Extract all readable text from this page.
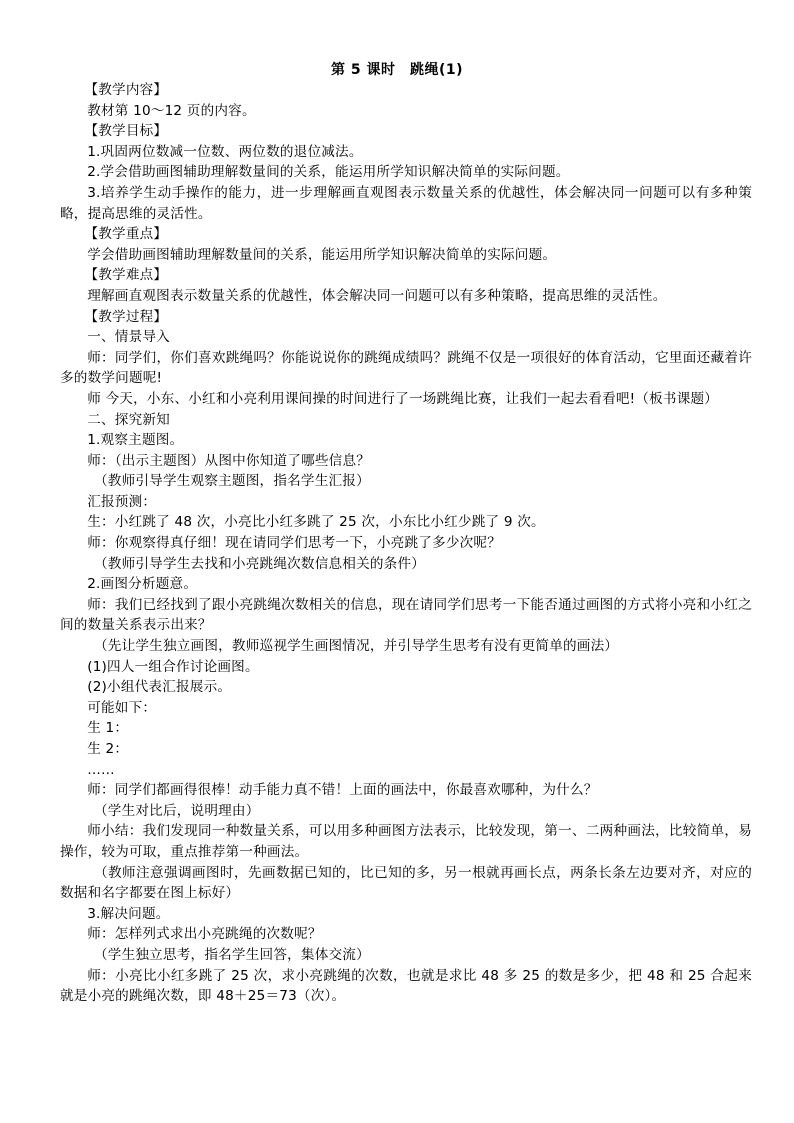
第 5 课时　跳绳(1)

【教学内容】

教材第 10～12 页的内容。

【教学目标】

1.巩固两位数减一位数、两位数的退位减法。

2.学会借助画图辅助理解数量间的关系，能运用所学知识解决简单的实际问题。

3.培养学生动手操作的能力，进一步理解画直观图表示数量关系的优越性，体会解决同一问题可以有多种策略，提高思维的灵活性。

【教学重点】

学会借助画图辅助理解数量间的关系，能运用所学知识解决简单的实际问题。

【教学难点】

理解画直观图表示数量关系的优越性，体会解决同一问题可以有多种策略，提高思维的灵活性。

【教学过程】

一、情景导入

师：同学们，你们喜欢跳绳吗？你能说说你的跳绳成绩吗？跳绳不仅是一项很好的体育活动，它里面还藏着许多的数学问题呢!

师 今天，小东、小红和小亮利用课间操的时间进行了一场跳绳比赛，让我们一起去看看吧!（板书课题）

二、探究新知

1.观察主题图。

师：（出示主题图）从图中你知道了哪些信息？

（教师引导学生观察主题图，指名学生汇报）

汇报预测：

生：小红跳了 48 次，小亮比小红多跳了 25 次，小东比小红少跳了 9 次。

师：你观察得真仔细！现在请同学们思考一下，小亮跳了多少次呢？

（教师引导学生去找和小亮跳绳次数信息相关的条件）

2.画图分析题意。

师：我们已经找到了跟小亮跳绳次数相关的信息，现在请同学们思考一下能否通过画图的方式将小亮和小红之间的数量关系表示出来？

（先让学生独立画图，教师巡视学生画图情况，并引导学生思考有没有更简单的画法）

(1)四人一组合作讨论画图。

(2)小组代表汇报展示。

可能如下：

生 1：

生 2：

……

师：同学们都画得很棒！动手能力真不错！上面的画法中，你最喜欢哪种，为什么？

（学生对比后，说明理由）

师小结：我们发现同一种数量关系，可以用多种画图方法表示，比较发现，第一、二两种画法，比较简单，易操作，较为可取，重点推荐第一种画法。

（教师注意强调画图时，先画数据已知的，比已知的多，另一根就再画长点，两条长条左边要对齐，对应的数据和名字都要在图上标好）

3.解决问题。

师：怎样列式求出小亮跳绳的次数呢？

（学生独立思考，指名学生回答，集体交流）

师：小亮比小红多跳了 25 次，求小亮跳绳的次数，也就是求比 48 多 25 的数是多少，把 48 和 25 合起来就是小亮的跳绳次数，即 48＋25＝73（次）。
